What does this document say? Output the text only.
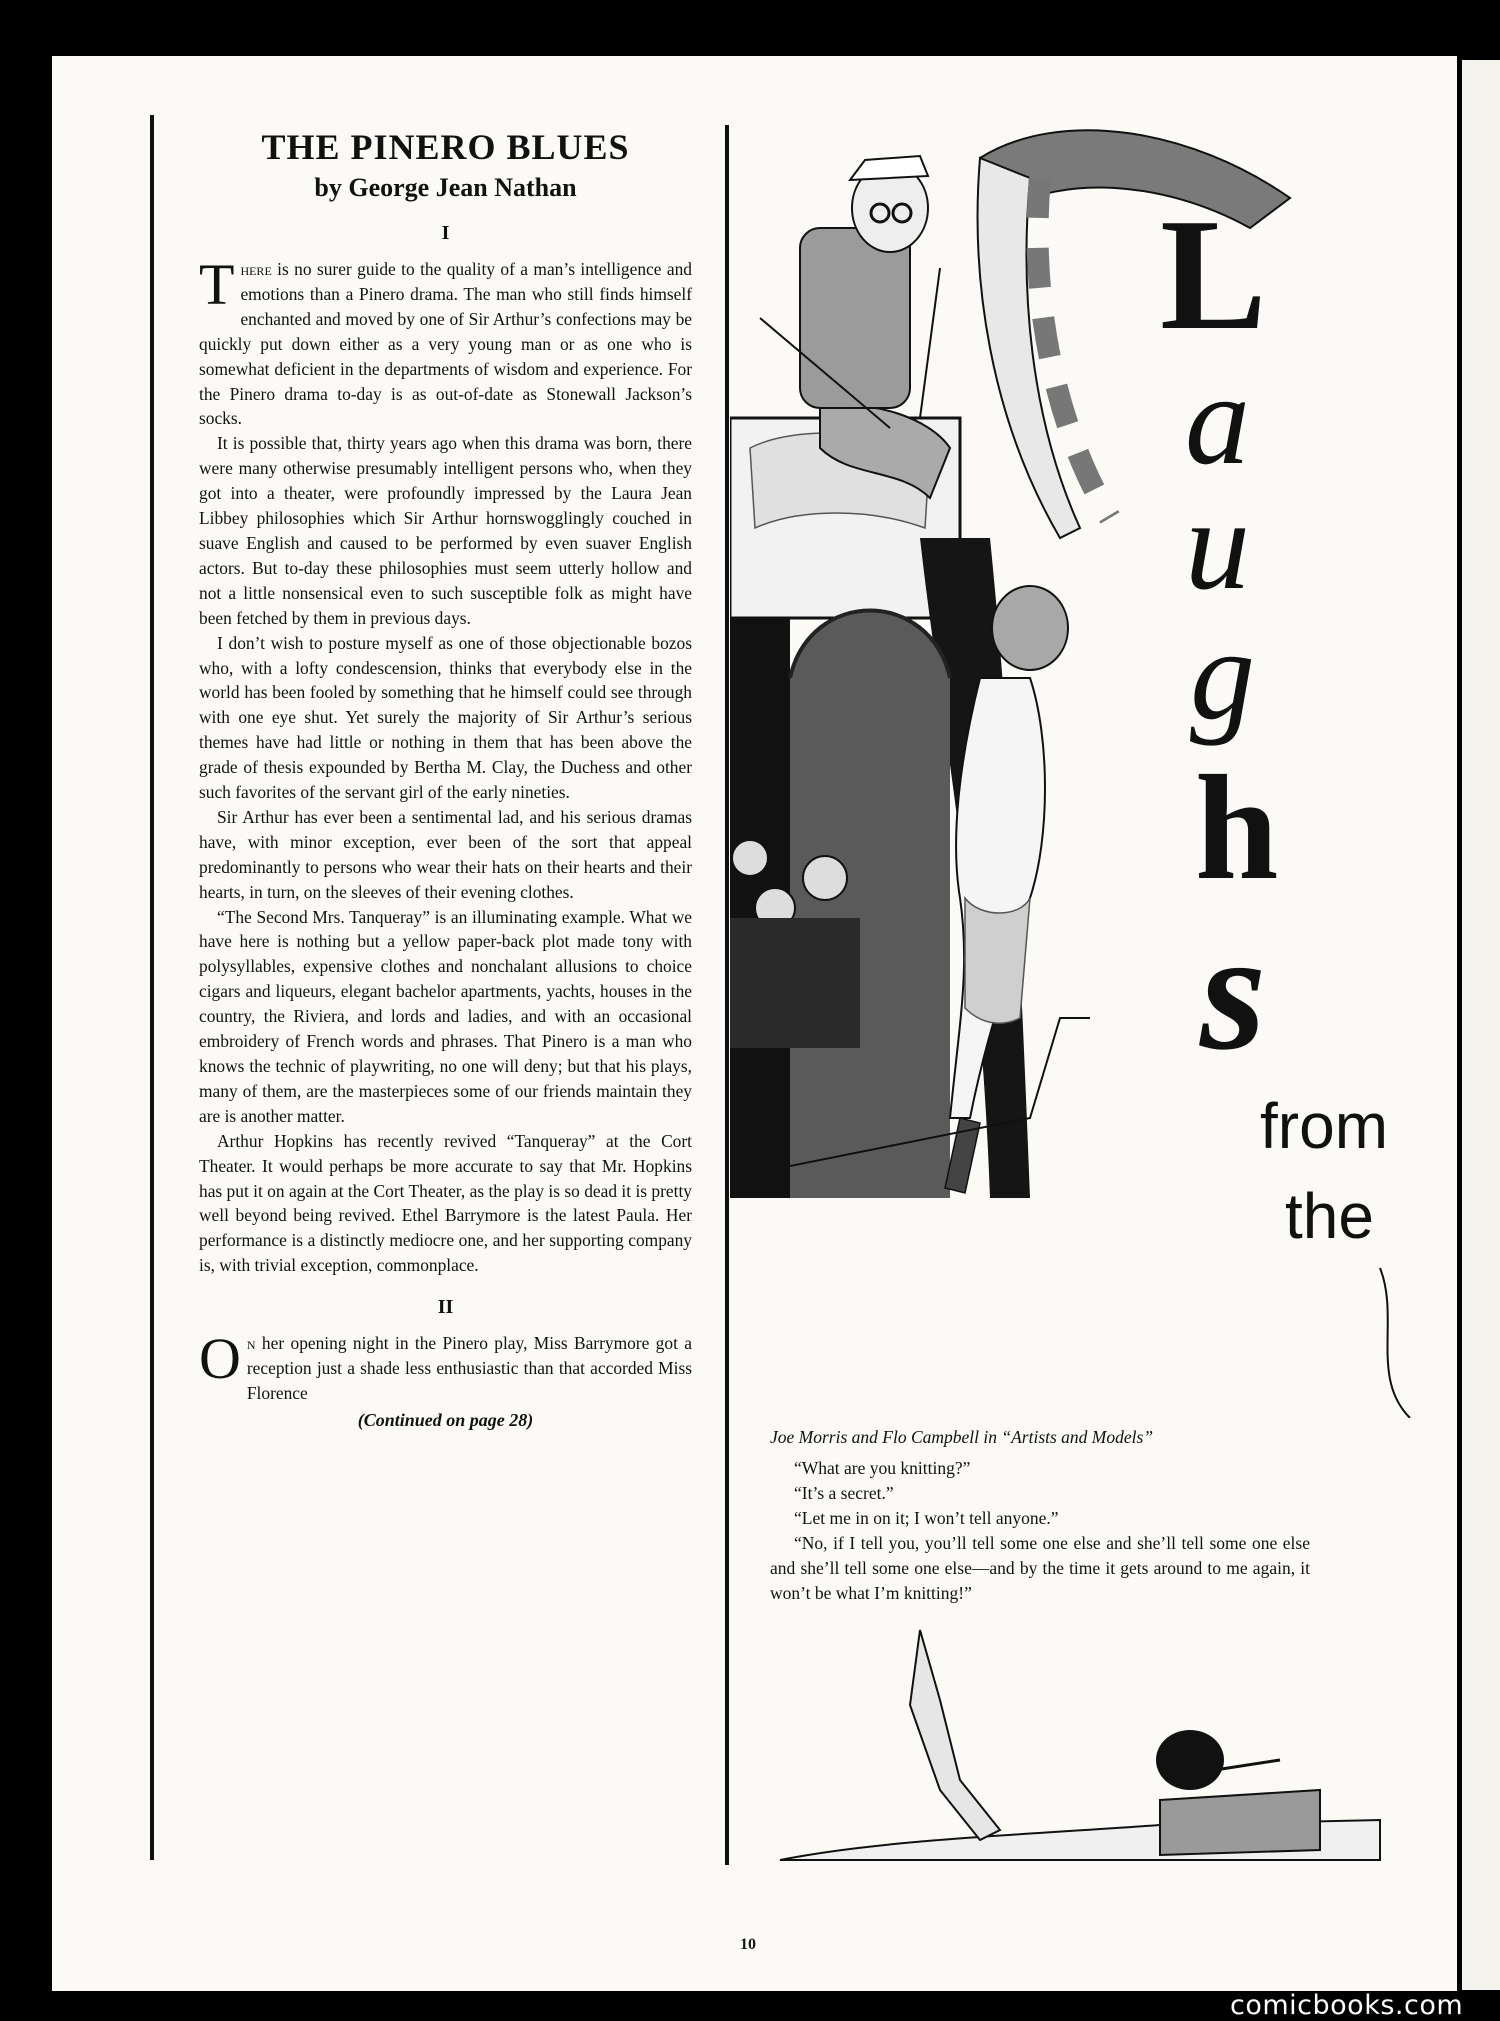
THE PINERO BLUES
by George Jean Nathan
I

There is no surer guide to the quality of a man’s intelligence and emotions than a Pinero drama. The man who still finds himself enchanted and moved by one of Sir Arthur’s confections may be quickly put down either as a very young man or as one who is somewhat deficient in the departments of wisdom and experience. For the Pinero drama to-day is as out-of-date as Stonewall Jackson’s socks.

It is possible that, thirty years ago when this drama was born, there were many otherwise presumably intelligent persons who, when they got into a theater, were profoundly impressed by the Laura Jean Libbey philosophies which Sir Arthur hornswogglingly couched in suave English and caused to be performed by even suaver English actors. But to-day these philosophies must seem utterly hollow and not a little nonsensical even to such susceptible folk as might have been fetched by them in previous days.

I don’t wish to posture myself as one of those objectionable bozos who, with a lofty condescension, thinks that everybody else in the world has been fooled by something that he himself could see through with one eye shut. Yet surely the majority of Sir Arthur’s serious themes have had little or nothing in them that has been above the grade of thesis expounded by Bertha M. Clay, the Duchess and other such favorites of the servant girl of the early nineties.

Sir Arthur has ever been a sentimental lad, and his serious dramas have, with minor exception, ever been of the sort that appeal predominantly to persons who wear their hats on their hearts and their hearts, in turn, on the sleeves of their evening clothes.

“The Second Mrs. Tanqueray” is an illuminating example. What we have here is nothing but a yellow paper-back plot made tony with polysyllables, expensive clothes and nonchalant allusions to choice cigars and liqueurs, elegant bachelor apartments, yachts, houses in the country, the Riviera, and lords and ladies, and with an occasional embroidery of French words and phrases. That Pinero is a man who knows the technic of playwriting, no one will deny; but that his plays, many of them, are the masterpieces some of our friends maintain they are is another matter.

Arthur Hopkins has recently revived “Tanqueray” at the Cort Theater. It would perhaps be more accurate to say that Mr. Hopkins has put it on again at the Cort Theater, as the play is so dead it is pretty well beyond being revived. Ethel Barrymore is the latest Paula. Her performance is a distinctly mediocre one, and her supporting company is, with trivial exception, commonplace.

II

On her opening night in the Pinero play, Miss Barrymore got a reception just a shade less enthusiastic than that accorded Miss Florence

(Continued on page 28)
L
a
u
g
h
s
from
the

Joe Morris and Flo Campbell in “Artists and Models”

“What are you knitting?”

“It’s a secret.”

“Let me in on it; I won’t tell anyone.”

“No, if I tell you, you’ll tell some one else and she’ll tell some one else and she’ll tell some one else—and by the time it gets around to me again, it won’t be what I’m knitting!”

10
comicbooks.com
